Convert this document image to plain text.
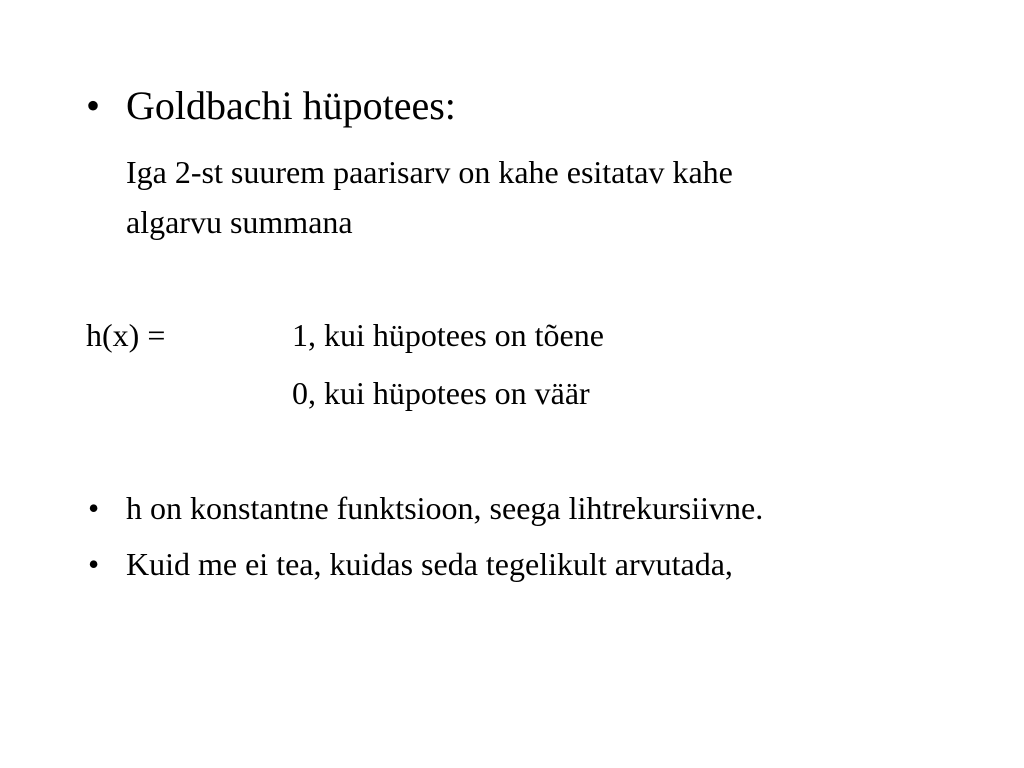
• Goldbachi hüpotees:
Iga 2-st suurem paarisarv on kahe esitatav kahe
algarvu summana
h(x) =	1, kui hüpotees on tõene
0, kui hüpotees on väär
• h on konstantne funktsioon, seega lihtrekursiivne.
• Kuid me ei tea, kuidas seda tegelikult arvutada,
